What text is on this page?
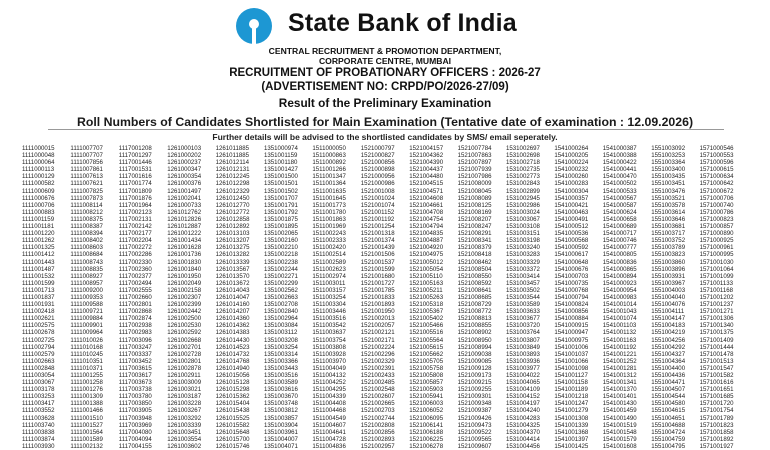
State Bank of India
CENTRAL RECRUITMENT & PROMOTION DEPARTMENT,
CORPORATE CENTRE, MUMBAI
RECRUITMENT OF PROBATIONARY OFFICERS : 2026-27
(ADVERTISEMENT NO: CRPD/PO/2026-27/09)
Result of the Preliminary Examination
Roll Numbers of Candidates Shortlisted for Main Examination (Tentative date of examination : 12.09.2026)
Further details will be advised to the shortlisted candidates by SMS/ email seperately.
1111000015
1111000048
1111000064
1111000113
1111000129
1111000582
1111000609
1111000676
1111000706
1111000883
1111001159
1111001181
1111001220
1111001262
1111001325
1111001412
1111001443
1111001487
1111001532
1111001599
1111001713
1111001837
1111001931
1111002418
1111002621
1111002575
1111002678
1111002725
1111002794
1111002579
1111002663
1111002848
1111003054
1111003067
1111003178
1111003253
1111003417
1111003552
1111003628
1111003740
1111003838
1111003874
1111003930
1111007707
1111007707
1111007856
1111007861
1111007613
1111007621
1111007825
1111007873
1111008114
1111008212
1111008375
1111008387
1111008394
1111008402
1111008603
1111008684
1111008743
1111008835
1111008927
1111008957
1111009200
1111009353
1111009588
1111009721
1111009884
1111009901
1111009964
1111010026
1111010168
1111010245
1111010351
1111010371
1111001255
1111001258
1111001276
1111001309
1111001388
1111001466
1111001510
1111001527
1111001564
1111001589
1111002132
1117001208
1117001297
1117001446
1117001531
1117001616
1117001774
1117001809
1117001876
1117001964
1117002123
1117002131
1117002142
1117002177
1117002204
1117002272
1117002286
1117002330
1117002360
1117002377
1117002494
1117002555
1117002660
1117002801
1117002868
1117002874
1117002938
1117002983
1117003096
1117003247
1117003337
1117003452
1117003615
1117003617
1117003673
1117003738
1117003780
1117003850
1117003905
1117003948
1117003969
1117004080
1117004094
1117004155
1261000103
1261000202
1261000237
1261000347
1261000354
1261000376
1261001497
1261002041
1261000733
1261012762
1261012826
1261012887
1261001222
1261001434
1261001628
1261001736
1261001830
1261001840
1261001950
1261002049
1261002158
1261002307
1261002399
1261002442
1261002500
1261002530
1261002592
1261002668
1261002701
1261002728
1261002801
1261002878
1261002911
1261003009
1261003021
1261003187
1261003228
1261003267
1261003292
1261003339
1261003451
1261003554
1261003602
1261011885
1261011885
1261012114
1261012131
1261012245
1261012298
1261012329
1261012450
1261012770
1261012772
1261012858
1261012892
1261013103
1261013207
1261013275
1261013282
1261013339
1261013567
1261013570
1261013672
1261014043
1261014047
1261014160
1261014207
1261014360
1261014362
1261014383
1261014430
1261014523
1261014732
1261014768
1261014940
1261015056
1261015128
1261015298
1261015362
1261015404
1261015438
1261015525
1261015582
1261015648
1261015700
1261015746
1351000974
1351001159
1351001180
1351001427
1351001500
1351001501
1351001502
1351001707
1351001791
1351001792
1351001875
1351001895
1351002065
1351002160
1351002210
1351002218
1351002238
1351002244
1351002271
1351002299
1351002562
1351002663
1351002708
1351002840
1351002964
1351003084
1351003112
1351003208
1351003254
1351003314
1351003366
1351003443
1351003516
1351003589
1351003616
1351003670
1351003748
1351003812
1351003857
1351003904
1351003961
1351004007
1351004071
1511000050
1511000863
1511000892
1511001266
1511001347
1511001364
1511001635
1511001645
1511001773
1511001780
1511001863
1511001969
1511002243
1511002333
1511002420
1511002514
1511002589
1511002623
1511002974
1511003011
1511003157
1511003254
1511003304
1511003446
1511003516
1511003542
1511003637
1511003754
1511003808
1511003928
1511003970
1511004049
1511004132
1511004252
1511004295
1511004339
1511004408
1511004468
1511004549
1511004607
1511004641
1511004728
1511004836
1521000797
1521000827
1521000856
1521000898
1521000956
1521000986
1521001008
1521001024
1521001074
1521001152
1521001192
1521001254
1521001318
1521001374
1521001439
1521001506
1521001537
1521001599
1521001680
1521001727
1521001785
1521001833
1521001893
1521001950
1521002013
1521002057
1521002121
1521002171
1521002224
1521002296
1521002329
1521002391
1521002433
1521002485
1521002548
1521002607
1521002665
1521002703
1521002744
1521002808
1521002856
1521002893
1521002957
1521004157
1521004362
1521004390
1521004437
1521004480
1521004515
1521004571
1521004608
1521004661
1521004708
1521004754
1521004794
1521004835
1521004887
1521004920
1521004975
1521005012
1521005054
1521005110
1521005163
1521005211
1521005263
1521005318
1521005367
1521005402
1521005466
1521005516
1521005564
1521005615
1521005662
1521005705
1521005758
1521005808
1521005857
1521005903
1521005941
1521006003
1521006052
1521006095
1521006141
1521006188
1521006225
1521006278
1521007784
1521007863
1521007897
1521007939
1521007986
1521008009
1521008045
1521008089
1521008125
1521008169
1521008207
1521008247
1521008291
1521008341
1521008379
1521008418
1521008462
1521008504
1521008550
1521008592
1521008641
1521008685
1521008729
1521008772
1521008813
1521008855
1521008902
1521008950
1521008994
1521009038
1521009085
1521009128
1521009173
1521009215
1521009255
1521009301
1521009348
1521009387
1521009426
1521009473
1521009522
1521009565
1521009607
1531002697
1531002698
1531002718
1531002735
1531002773
1531002843
1531002899
1531002945
1531002986
1531003024
1531003067
1531003108
1531003151
1531003198
1531003240
1531003283
1531003329
1531003372
1531003414
1531003457
1531003502
1531003544
1531003589
1531003633
1531003677
1531003720
1531003764
1531003807
1531003849
1531003893
1531003936
1531003977
1531004022
1531004065
1531004109
1531004152
1531004197
1531004240
1531004283
1531004325
1531004370
1531004414
1531004456
1541000264
1541000205
1541000224
1541000232
1541000260
1541000283
1541000304
1541000357
1541000421
1541000463
1541000491
1541000512
1541000536
1541000568
1541000592
1541000617
1541000648
1541000676
1541000703
1541000735
1541000768
1541000794
1541000824
1541000856
1541000884
1541000915
1541000947
1541000975
1541001006
1541001037
1541001066
1541001098
1541001127
1541001158
1541001189
1541001218
1541001247
1541001279
1541001308
1541001339
1541001368
1541001397
1541001425
1541000387
1541000388
1541000422
1541000441
1541000470
1541000502
1541000533
1541000567
1541000587
1541000624
1541000658
1541000689
1541000717
1541000746
1541000777
1541000805
1541000836
1541000865
1541000894
1541000923
1541000954
1541000983
1541001014
1541001043
1541001074
1541001103
1541001132
1541001163
1541001192
1541001221
1541001252
1541001281
1541001312
1541001341
1541001370
1541001401
1541001430
1541001459
1541001490
1541001519
1541001548
1541001579
1541001608
1551003092
1551003253
1551003364
1551003400
1551003435
1551003451
1551003476
1551003521
1551003578
1551003614
1551003646
1551003681
1551003717
1551003752
1551003789
1551003823
1551003860
1551003896
1551003931
1551003967
1551004003
1551004040
1551004076
1551004111
1551004147
1551004183
1551004219
1551004256
1551004292
1551004327
1551004364
1551004400
1551004436
1551004471
1551004507
1551004544
1551004580
1551004615
1551004651
1551004688
1551004724
1551004759
1551004795
1571000546
1571000553
1571000596
1571000615
1571000634
1571000642
1571000672
1571000706
1571000740
1571000786
1571000823
1571000857
1571000890
1571000925
1571000961
1571000995
1571001030
1571001064
1571001099
1571001133
1571001168
1571001202
1571001237
1571001271
1571001306
1571001340
1571001375
1571001409
1571001444
1571001478
1571001513
1571001547
1571001582
1571001616
1571001651
1571001685
1571001720
1571001754
1571001789
1571001823
1571001858
1571001892
1571001927
